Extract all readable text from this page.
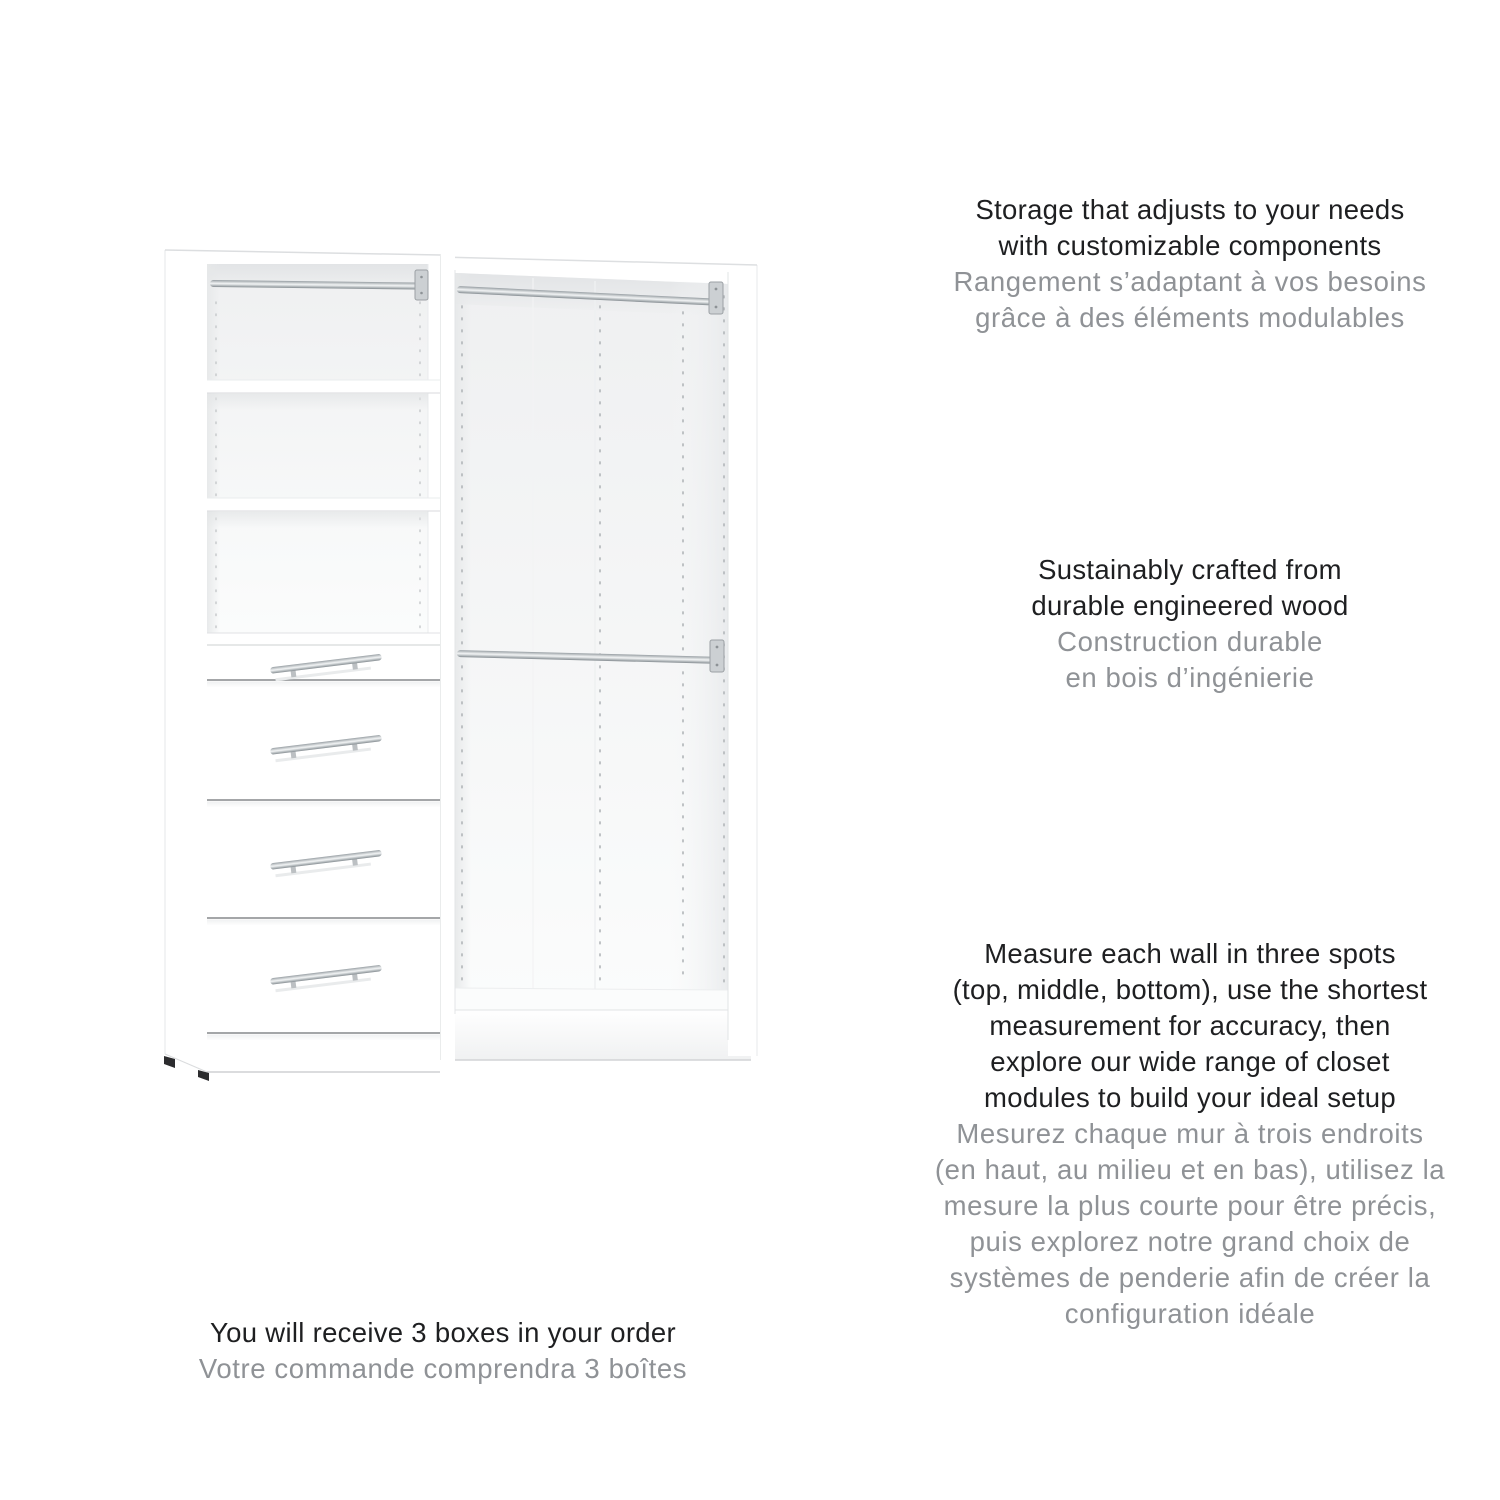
Storage that adjusts to your needs
with customizable components
Rangement s’adaptant à vos besoins
grâce à des éléments modulables
Sustainably crafted from
durable engineered wood
Construction durable
en bois d’ingénierie
Measure each wall in three spots
(top, middle, bottom), use the shortest
measurement for accuracy, then
explore our wide range of closet
modules to build your ideal setup
Mesurez chaque mur à trois endroits
(en haut, au milieu et en bas), utilisez la
mesure la plus courte pour être précis,
puis explorez notre grand choix de
systèmes de penderie afin de créer la
configuration idéale
You will receive 3 boxes in your order
Votre commande comprendra 3 boîtes
